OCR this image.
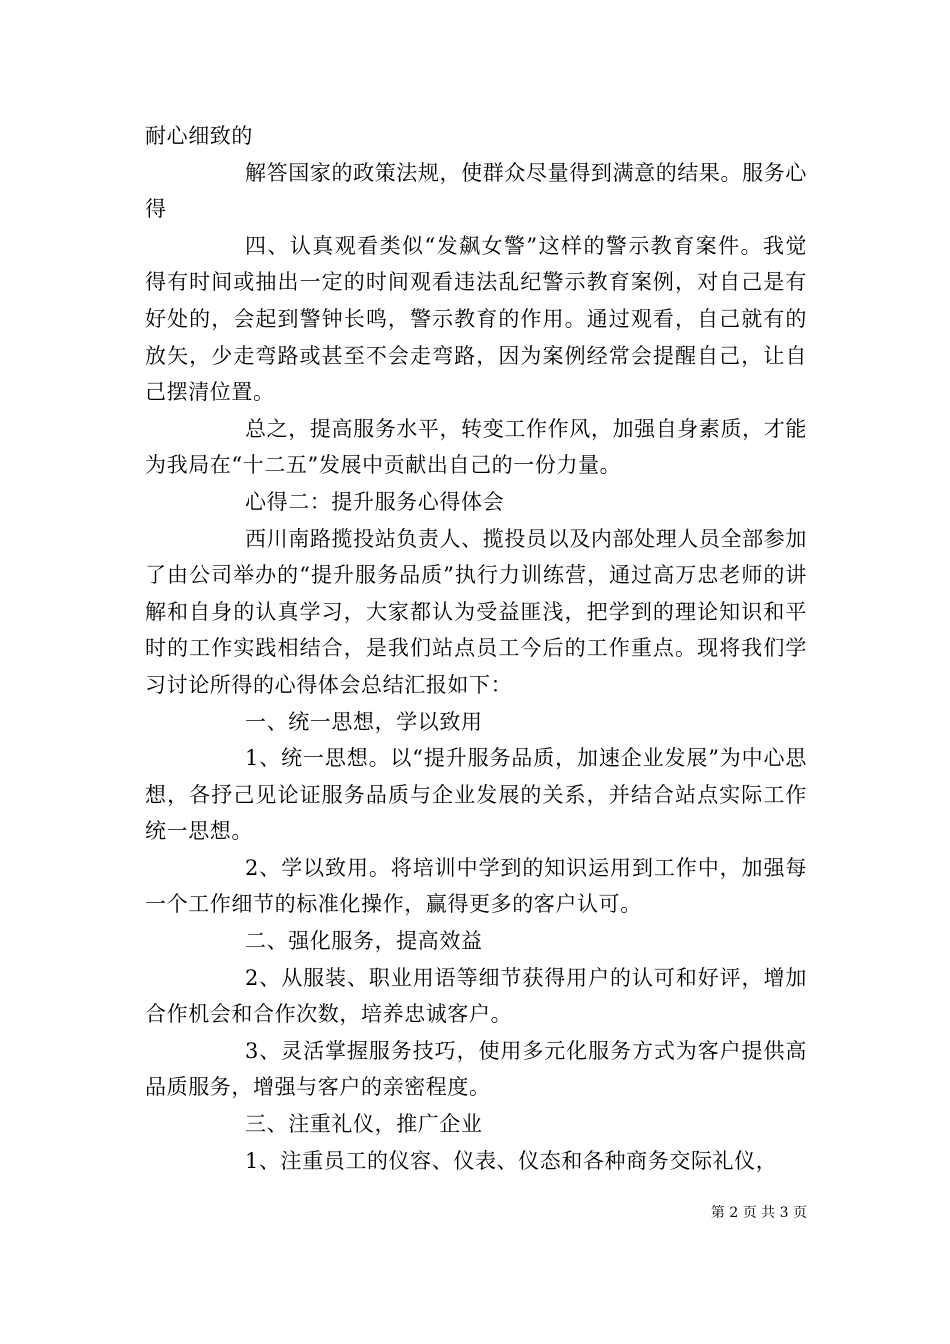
耐心细致的

解答国家的政策法规，使群众尽量得到满意的结果。服务心得

四、认真观看类似“发飙女警”这样的警示教育案件。我觉得有时间或抽出一定的时间观看违法乱纪警示教育案例，对自己是有好处的，会起到警钟长鸣，警示教育的作用。通过观看，自己就有的放矢，少走弯路或甚至不会走弯路，因为案例经常会提醒自己，让自己摆清位置。

总之，提高服务水平，转变工作作风，加强自身素质，才能为我局在“十二五”发展中贡献出自己的一份力量。

心得二：提升服务心得体会

西川南路揽投站负责人、揽投员以及内部处理人员全部参加了由公司举办的“提升服务品质”执行力训练营，通过高万忠老师的讲解和自身的认真学习，大家都认为受益匪浅，把学到的理论知识和平时的工作实践相结合，是我们站点员工今后的工作重点。现将我们学习讨论所得的心得体会总结汇报如下：

一、统一思想，学以致用

1、统一思想。以“提升服务品质，加速企业发展”为中心思想，各抒己见论证服务品质与企业发展的关系，并结合站点实际工作统一思想。

2、学以致用。将培训中学到的知识运用到工作中，加强每一个工作细节的标准化操作，赢得更多的客户认可。

二、强化服务，提高效益

2、从服装、职业用语等细节获得用户的认可和好评，增加合作机会和合作次数，培养忠诚客户。

3、灵活掌握服务技巧，使用多元化服务方式为客户提供高品质服务，增强与客户的亲密程度。

三、注重礼仪，推广企业

1、注重员工的仪容、仪表、仪态和各种商务交际礼仪，

第 2 页 共 3 页
